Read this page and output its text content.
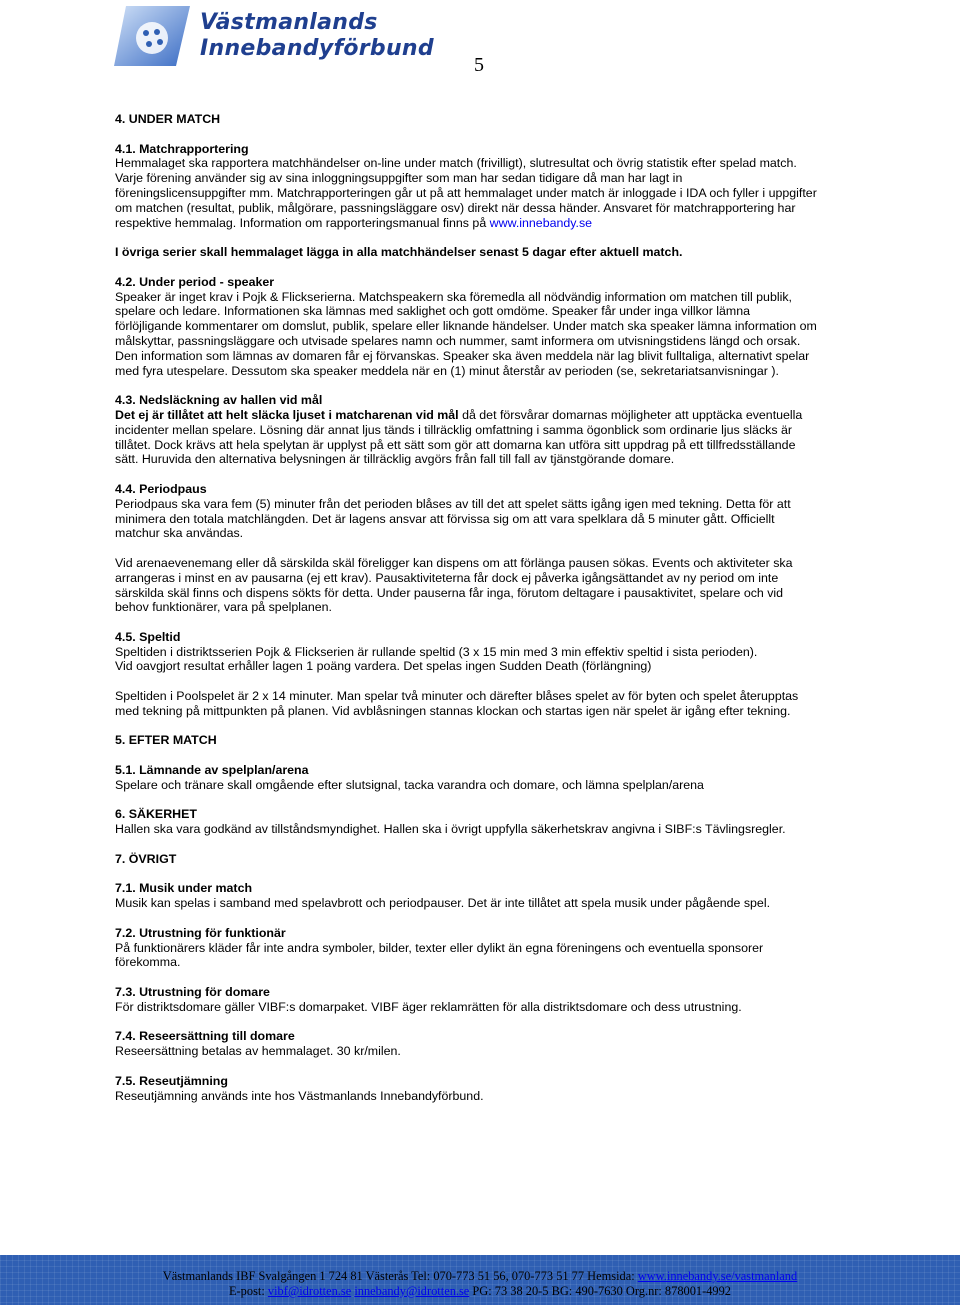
Västmanlands
Innebandyförbund
5

4. UNDER MATCH

4.1. Matchrapportering

Hemmalaget ska rapportera matchhändelser on-line under match (frivilligt), slutresultat och övrig statistik efter spelad match.

Varje förening använder sig av sina inloggningsuppgifter som man har sedan tidigare då man har lagt in

föreningslicensuppgifter mm. Matchrapporteringen går ut på att hemmalaget under match är inloggade i IDA och fyller i uppgifter

om matchen (resultat, publik, målgörare, passningsläggare osv) direkt när dessa händer. Ansvaret för matchrapportering har

respektive hemmalag. Information om rapporteringsmanual finns på www.innebandy.se

I övriga serier skall hemmalaget lägga in alla matchhändelser senast 5 dagar efter aktuell match.

4.2. Under period - speaker

Speaker är inget krav i Pojk & Flickserierna. Matchspeakern ska föremedla all nödvändig information om matchen till publik,

spelare och ledare. Informationen ska lämnas med saklighet och gott omdöme. Speaker får under inga villkor lämna

förlöjligande kommentarer om domslut, publik, spelare eller liknande händelser. Under match ska speaker lämna information om

målskyttar, passningsläggare och utvisade spelares namn och nummer, samt informera om utvisningstidens längd och orsak.

Den information som lämnas av domaren får ej förvanskas. Speaker ska även meddela när lag blivit fulltaliga, alternativt spelar

med fyra utespelare. Dessutom ska speaker meddela när en (1) minut återstår av perioden (se, sekretariatsanvisningar ).

4.3. Nedsläckning av hallen vid mål

Det ej är tillåtet att helt släcka ljuset i matcharenan vid mål då det försvårar domarnas möjligheter att upptäcka eventuella

incidenter mellan spelare. Lösning där annat ljus tänds i tillräcklig omfattning i samma ögonblick som ordinarie ljus släcks är

tillåtet. Dock krävs att hela spelytan är upplyst på ett sätt som gör att domarna kan utföra sitt uppdrag på ett tillfredsställande

sätt. Huruvida den alternativa belysningen är tillräcklig avgörs från fall till fall av tjänstgörande domare.

4.4. Periodpaus

Periodpaus ska vara fem (5) minuter från det perioden blåses av till det att spelet sätts igång igen med tekning. Detta för att

minimera den totala matchlängden. Det är lagens ansvar att förvissa sig om att vara spelklara då 5 minuter gått. Officiellt

matchur ska användas.

Vid arenaevenemang eller då särskilda skäl föreligger kan dispens om att förlänga pausen sökas. Events och aktiviteter ska

arrangeras i minst en av pausarna (ej ett krav). Pausaktiviteterna får dock ej påverka igångsättandet av ny period om inte

särskilda skäl finns och dispens sökts för detta. Under pauserna får inga, förutom deltagare i pausaktivitet, spelare och vid

behov funktionärer, vara på spelplanen.

4.5. Speltid

Speltiden i distriktsserien Pojk & Flickserien är rullande speltid (3 x 15 min med 3 min effektiv speltid i sista perioden).

Vid oavgjort resultat erhåller lagen 1 poäng vardera. Det spelas ingen Sudden Death (förlängning)

Speltiden i Poolspelet är 2 x 14 minuter. Man spelar två minuter och därefter blåses spelet av för byten och spelet återupptas

med tekning på mittpunkten på planen. Vid avblåsningen stannas klockan och startas igen när spelet är igång efter tekning.

5. EFTER MATCH

5.1. Lämnande av spelplan/arena

Spelare och tränare skall omgående efter slutsignal, tacka varandra och domare, och lämna spelplan/arena

6. SÄKERHET

Hallen ska vara godkänd av tillståndsmyndighet. Hallen ska i övrigt uppfylla säkerhetskrav angivna i SIBF:s Tävlingsregler.

7. ÖVRIGT

7.1. Musik under match

Musik kan spelas i samband med spelavbrott och periodpauser. Det är inte tillåtet att spela musik under pågående spel.

7.2. Utrustning för funktionär

På funktionärers kläder får inte andra symboler, bilder, texter eller dylikt än egna föreningens och eventuella sponsorer

förekomma.

7.3. Utrustning för domare

För distriktsdomare gäller VIBF:s domarpaket. VIBF äger reklamrätten för alla distriktsdomare och dess utrustning.

7.4. Reseersättning till domare

Reseersättning betalas av hemmalaget. 30 kr/milen.

7.5. Reseutjämning

Reseutjämning används inte hos Västmanlands Innebandyförbund.

Västmanlands IBF Svalgången 1 724 81 Västerås Tel: 070-773 51 56, 070-773 51 77 Hemsida: www.innebandy.se/vastmanland
E-post: vibf@idrotten.se innebandy@idrotten.se PG: 73 38 20-5 BG: 490-7630 Org.nr: 878001-4992
